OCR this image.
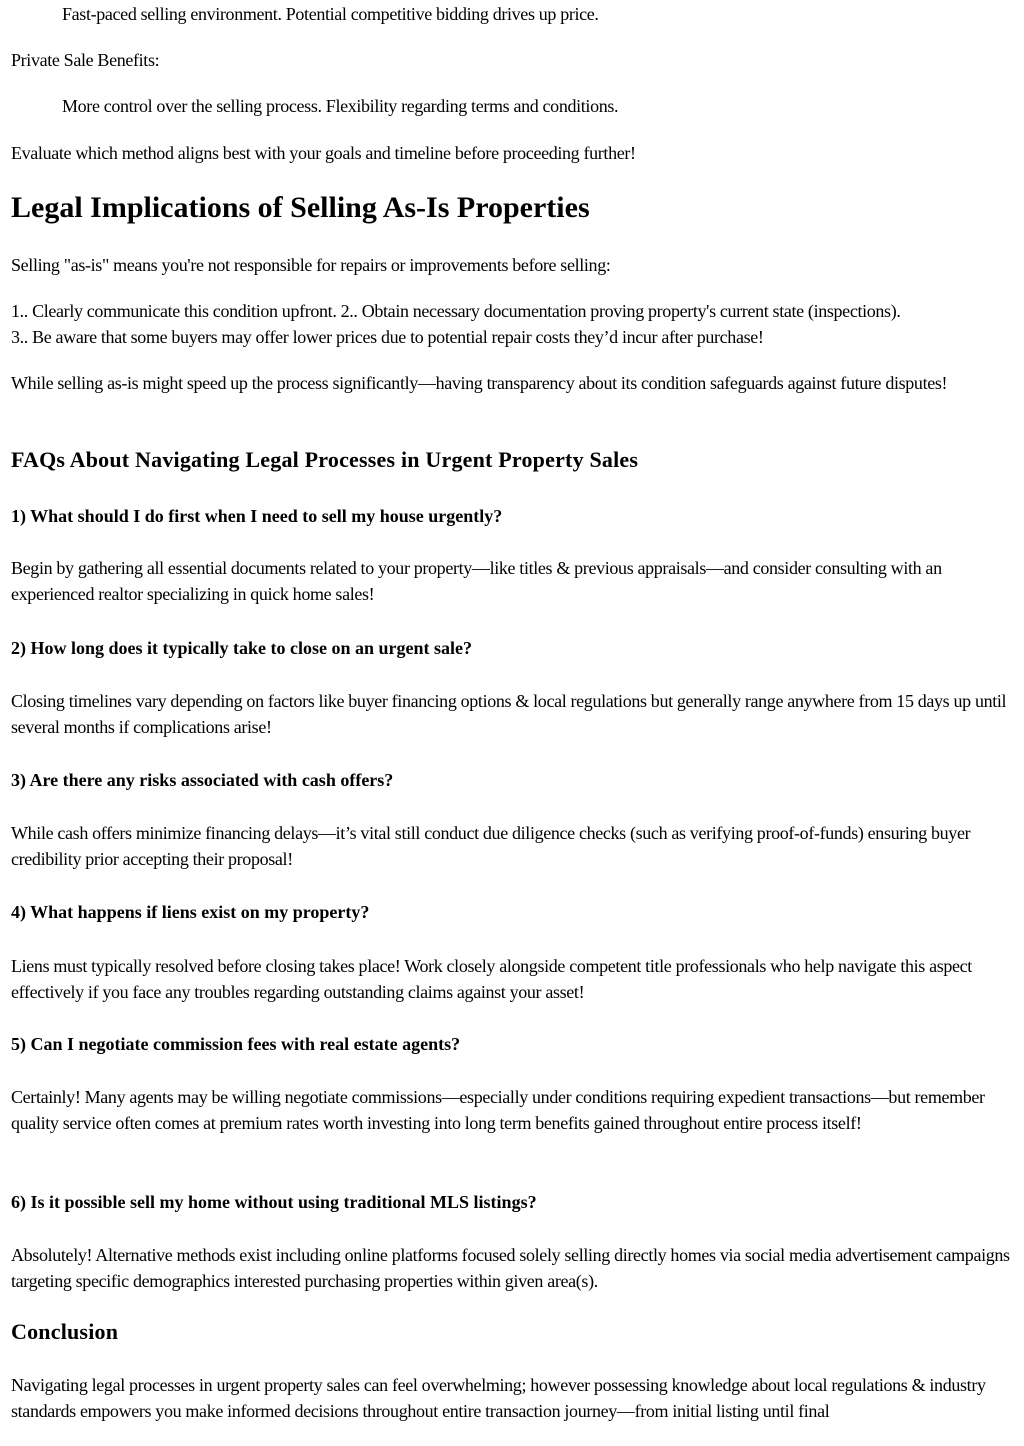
Fast-paced selling environment. Potential competitive bidding drives up price.

Private Sale Benefits:

More control over the selling process. Flexibility regarding terms and conditions.

Evaluate which method aligns best with your goals and timeline before proceeding further!

Legal Implications of Selling As-Is Properties

Selling "as-is" means you're not responsible for repairs or improvements before selling:

1.. Clearly communicate this condition upfront. 2.. Obtain necessary documentation proving property's current state (inspections).
3.. Be aware that some buyers may offer lower prices due to potential repair costs they’d incur after purchase!

While selling as-is might speed up the process significantly—having transparency about its condition safeguards against future disputes!

FAQs About Navigating Legal Processes in Urgent Property Sales
1) What should I do first when I need to sell my house urgently?

Begin by gathering all essential documents related to your property—like titles & previous appraisals—and consider consulting with an experienced realtor specializing in quick home sales!

2) How long does it typically take to close on an urgent sale?

Closing timelines vary depending on factors like buyer financing options & local regulations but generally range anywhere from 15 days up until several months if complications arise!

3) Are there any risks associated with cash offers?

While cash offers minimize financing delays—it’s vital still conduct due diligence checks (such as verifying proof-of-funds) ensuring buyer credibility prior accepting their proposal!

4) What happens if liens exist on my property?

Liens must typically resolved before closing takes place! Work closely alongside competent title professionals who help navigate this aspect effectively if you face any troubles regarding outstanding claims against your asset!

5) Can I negotiate commission fees with real estate agents?

Certainly! Many agents may be willing negotiate commissions—especially under conditions requiring expedient transactions—but remember quality service often comes at premium rates worth investing into long term benefits gained throughout entire process itself!

6) Is it possible sell my home without using traditional MLS listings?

Absolutely! Alternative methods exist including online platforms focused solely selling directly homes via social media advertisement campaigns targeting specific demographics interested purchasing properties within given area(s).

Conclusion

Navigating legal processes in urgent property sales can feel overwhelming; however possessing knowledge about local regulations & industry standards empowers you make informed decisions throughout entire transaction journey—from initial listing until final
